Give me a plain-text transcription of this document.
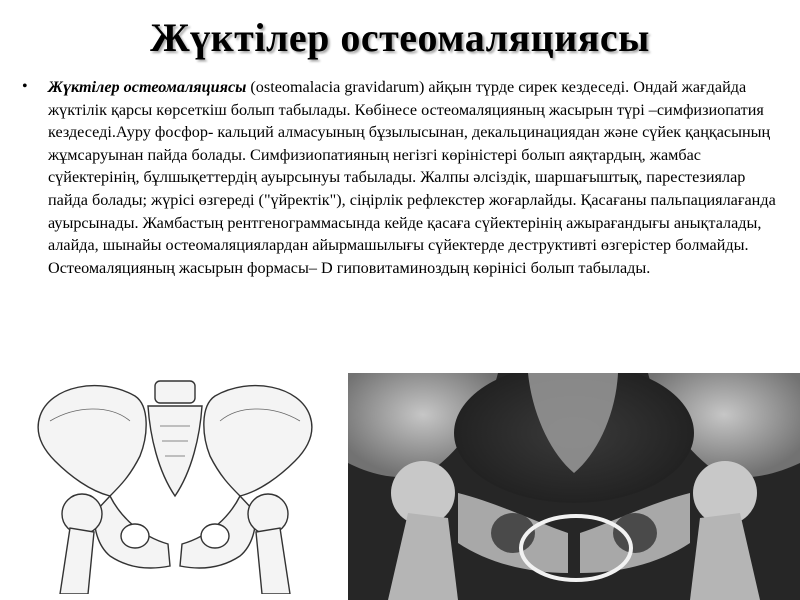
Жүктілер остеомаляциясы
• Жүктілер остеомаляциясы (osteomalacia gravidarum) айқын түрде сирек кездеседі. Ондай жағдайда жүктілік қарсы көрсеткіш болып табылады. Көбінесе остеомаляцияның жасырын түрі –симфизиопатия кездеседі.Ауру фосфор- кальций алмасуының бұзылысынан, декальцинациядан және сүйек қаңқасының жұмсаруынан пайда болады. Симфизиопатияның негізгі көріністері болып аяқтардың, жамбас сүйектерінің, бұлшықеттердің ауырсынуы табылады. Жалпы әлсіздік, шаршағыштық, парестезиялар пайда болады; жүрісі өзгереді ("үйректік"), сіңірлік рефлекстер жоғарлайды. Қасағаны пальпациялағанда ауырсынады. Жамбастың рентгенограммасында кейде қасаға сүйектерінің ажырағандығы анықталады, алайда, шынайы остеомаляциялардан айырмашылығы сүйектерде деструктивті өзгерістер болмайды. Остеомаляцияның жасырын формасы– D гиповитаминоздың көрінісі болып табылады.
